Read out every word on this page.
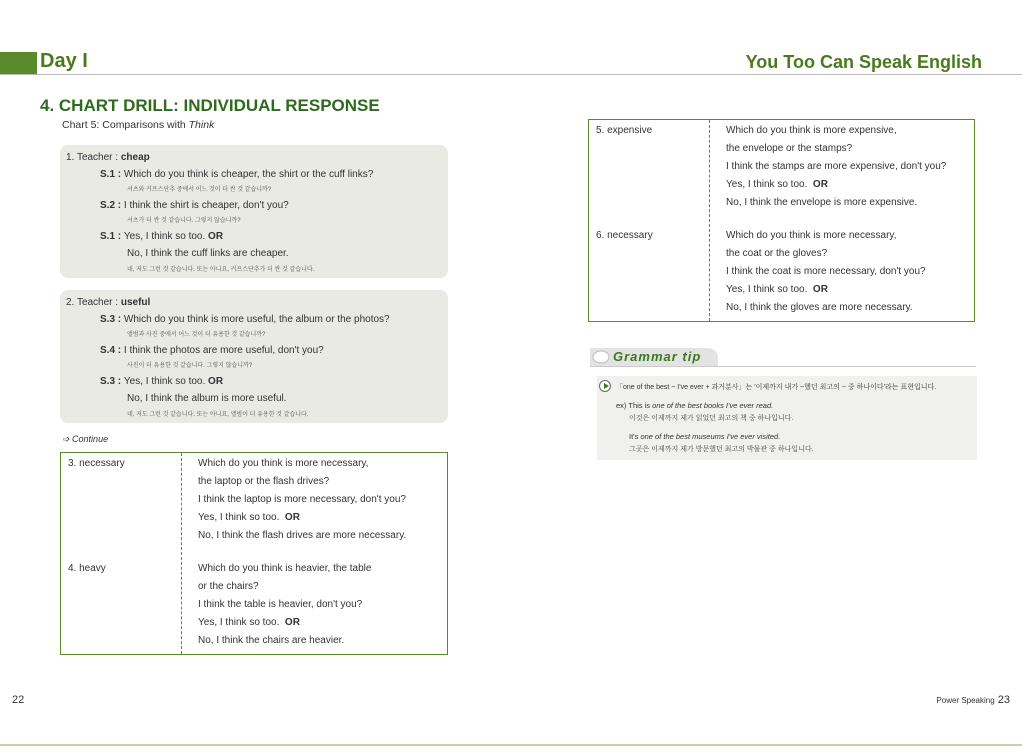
Day I	You Too Can Speak English
4. CHART DRILL: INDIVIDUAL RESPONSE
Chart 5: Comparisons with Think
1. Teacher : cheap
S.1 : Which do you think is cheaper, the shirt or the cuff links?
셔츠와 커프스단추 중에서 어느 것이 더 싼 것 같습니까?
S.2 : I think the shirt is cheaper, don't you?
셔츠가 더 싼 것 같습니다. 그렇지 않습니까?
S.1 : Yes, I think so too. OR
No, I think the cuff links are cheaper.
네, 저도 그런 것 같습니다. 또는 아니요, 커프스단추가 더 싼 것 같습니다.
2. Teacher : useful
S.3 : Which do you think is more useful, the album or the photos?
앨범과 사진 중에서 어느 것이 더 유용한 것 같습니까?
S.4 : I think the photos are more useful, don't you?
사진이 더 유용한 것 같습니다. 그렇지 않습니까?
S.3 : Yes, I think so too. OR
No, I think the album is more useful.
네, 저도 그런 것 같습니다. 또는 아니요, 앨범이 더 유용한 것 같습니다.
➩ Continue
3. necessary	Which do you think is more necessary,
the laptop or the flash drives?
I think the laptop is more necessary, don't you?
Yes, I think so too. OR
No, I think the flash drives are more necessary.
4. heavy	Which do you think is heavier, the table
or the chairs?
I think the table is heavier, don't you?
Yes, I think so too. OR
No, I think the chairs are heavier.
5. expensive	Which do you think is more expensive,
the envelope or the stamps?
I think the stamps are more expensive, don't you?
Yes, I think so too. OR
No, I think the envelope is more expensive.
6. necessary	Which do you think is more necessary,
the coat or the gloves?
I think the coat is more necessary, don't you?
Yes, I think so too. OR
No, I think the gloves are more necessary.
Grammar tip
「one of the best ~ I've ever + 과거분사」는 '이제까지 내가 ~했던 최고의 ~ 중 하나이다'라는 표현입니다.
ex) This is one of the best books I've ever read.
이것은 이제까지 제가 읽었던 최고의 책 중 하나입니다.
It's one of the best museums I've ever visited.
그곳은 이제까지 제가 방문했던 최고의 박물관 중 하나입니다.
22	Power Speaking 23
